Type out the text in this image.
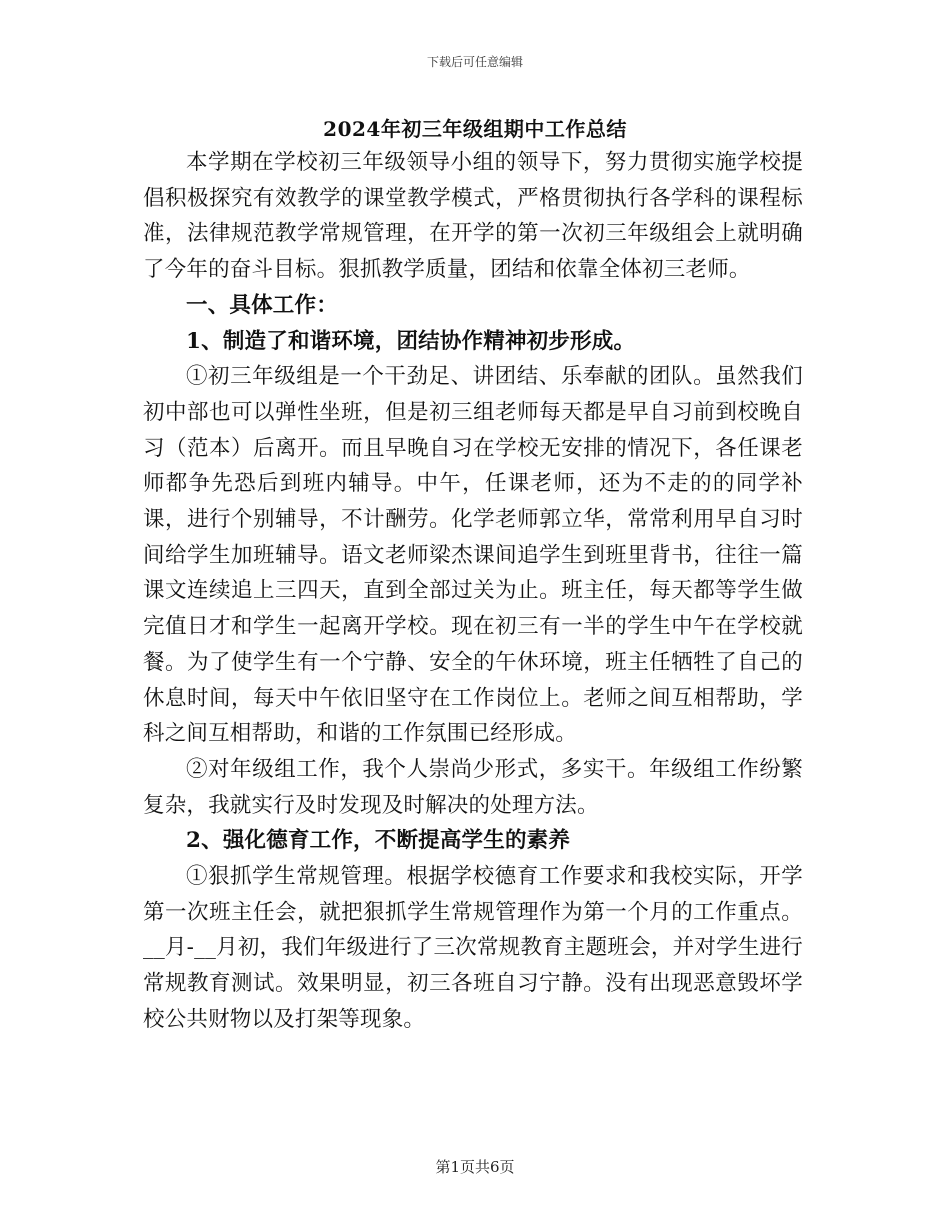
下载后可任意编辑
2024年初三年级组期中工作总结

本学期在学校初三年级领导小组的领导下，努力贯彻实施学校提倡积极探究有效教学的课堂教学模式，严格贯彻执行各学科的课程标准，法律规范教学常规管理，在开学的第一次初三年级组会上就明确了今年的奋斗目标。狠抓教学质量，团结和依靠全体初三老师。

一、具体工作：

1、制造了和谐环境，团结协作精神初步形成。

①初三年级组是一个干劲足、讲团结、乐奉献的团队。虽然我们初中部也可以弹性坐班，但是初三组老师每天都是早自习前到校晚自习（范本）后离开。而且早晚自习在学校无安排的情况下，各任课老师都争先恐后到班内辅导。中午，任课老师，还为不走的的同学补课，进行个别辅导，不计酬劳。化学老师郭立华，常常利用早自习时间给学生加班辅导。语文老师梁杰课间追学生到班里背书，往往一篇课文连续追上三四天，直到全部过关为止。班主任，每天都等学生做完值日才和学生一起离开学校。现在初三有一半的学生中午在学校就餐。为了使学生有一个宁静、安全的午休环境，班主任牺牲了自己的休息时间，每天中午依旧坚守在工作岗位上。老师之间互相帮助，学科之间互相帮助，和谐的工作氛围已经形成。

②对年级组工作，我个人崇尚少形式，多实干。年级组工作纷繁复杂，我就实行及时发现及时解决的处理方法。

2、强化德育工作，不断提高学生的素养

①狠抓学生常规管理。根据学校德育工作要求和我校实际，开学第一次班主任会，就把狠抓学生常规管理作为第一个月的工作重点。__月-__月初，我们年级进行了三次常规教育主题班会，并对学生进行常规教育测试。效果明显，初三各班自习宁静。没有出现恶意毁坏学校公共财物以及打架等现象。

第1页共6页
